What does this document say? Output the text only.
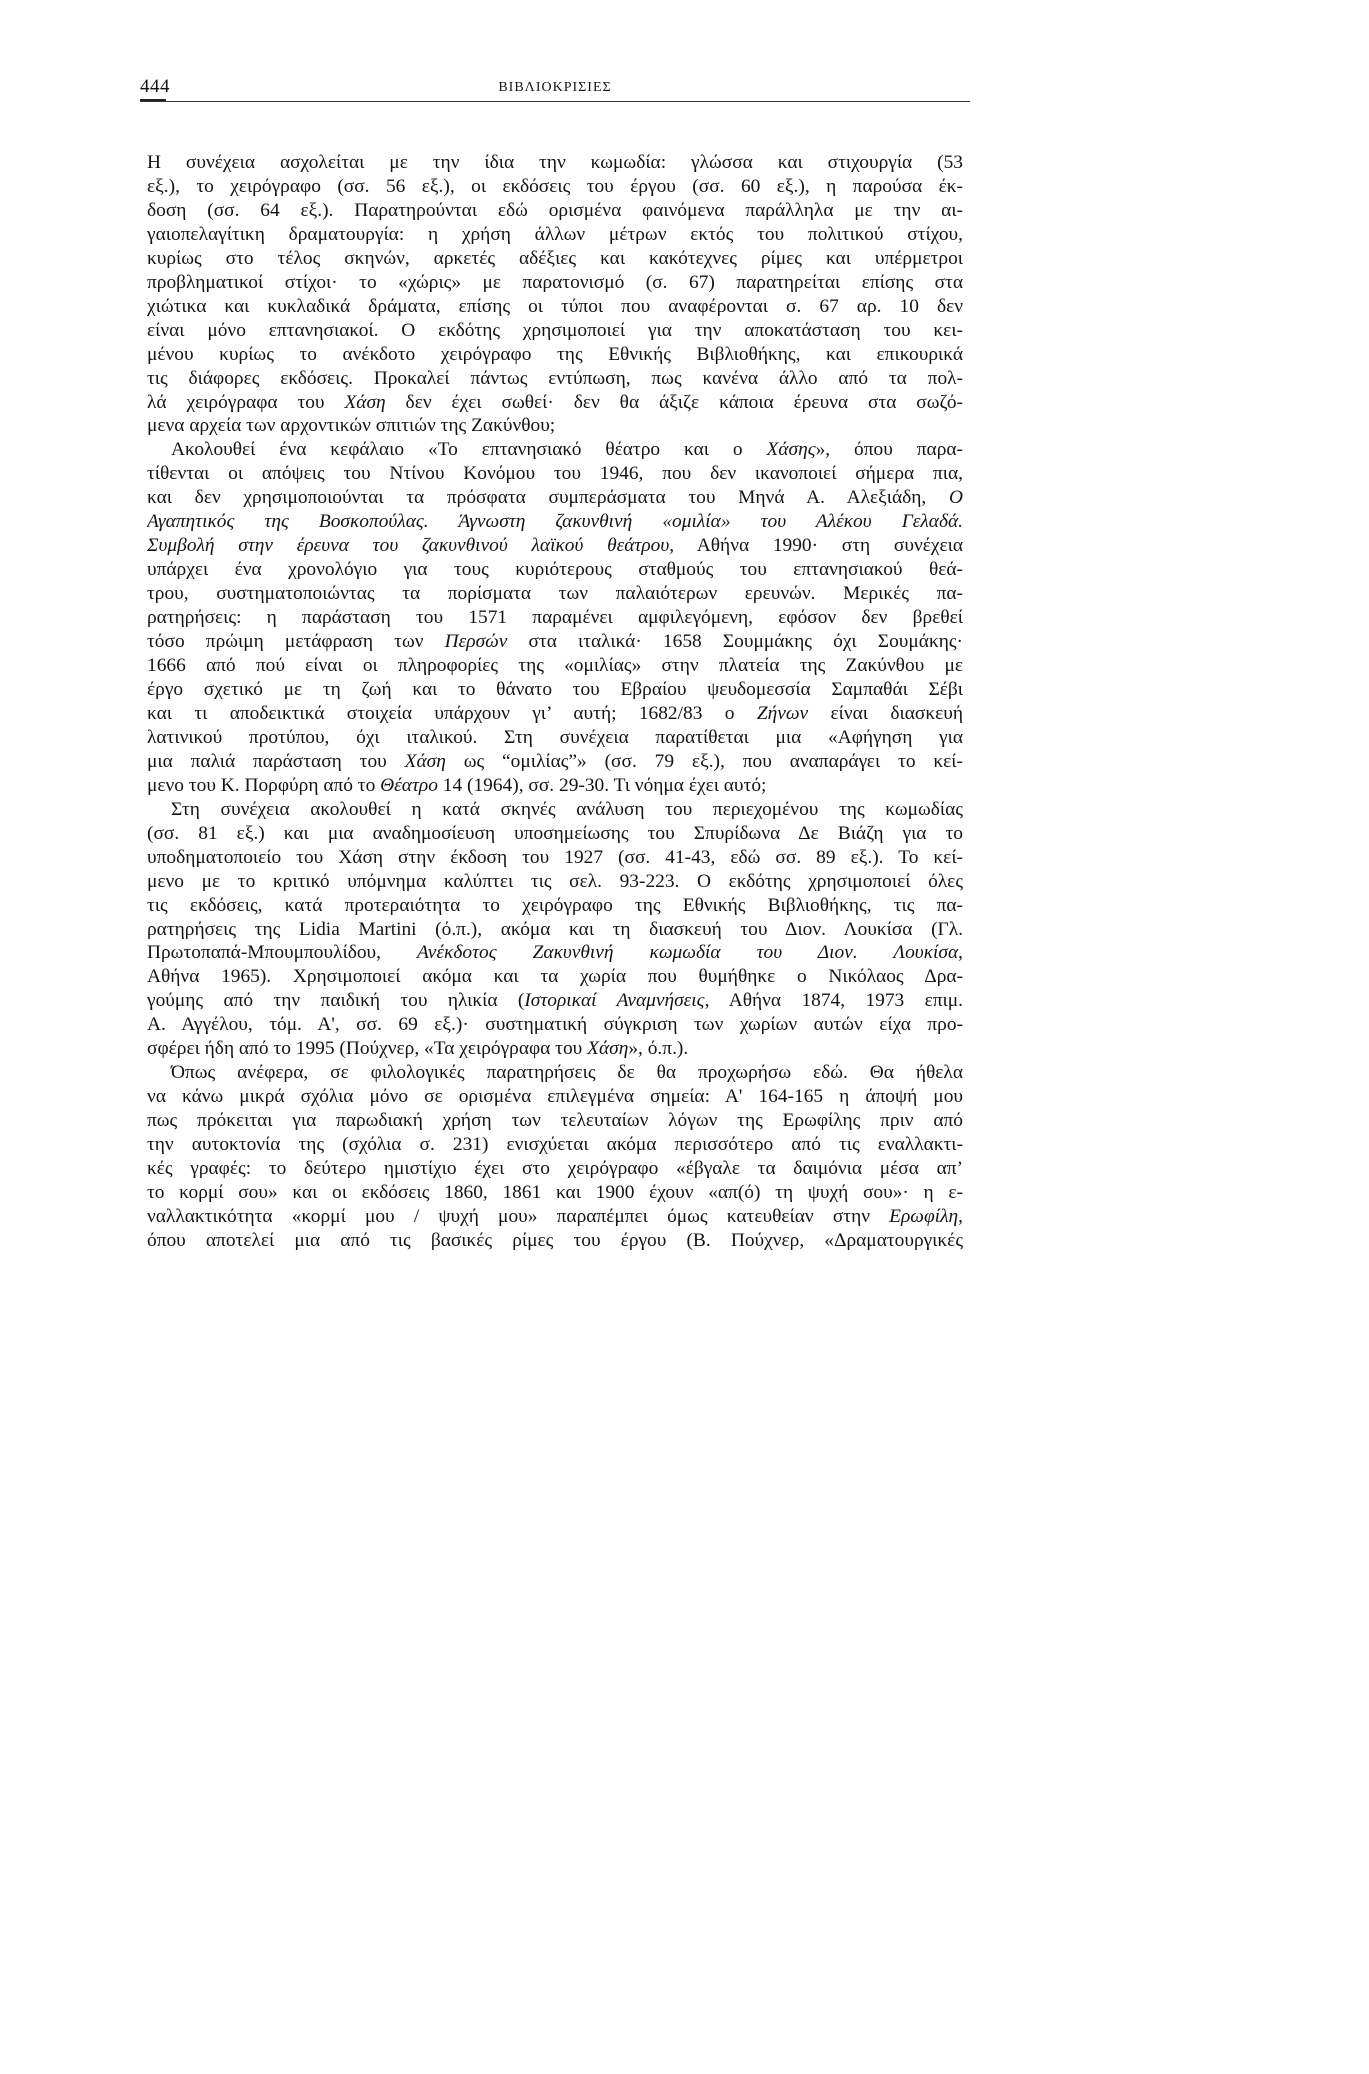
444	ΒΙΒΛΙΟΚΡΙΣΙΕΣ
Η συνέχεια ασχολείται με την ίδια την κωμωδία: γλώσσα και στιχουργία (53
εξ.), το χειρόγραφο (σσ. 56 εξ.), οι εκδόσεις του έργου (σσ. 60 εξ.), η παρούσα έκ-
δοση (σσ. 64 εξ.). Παρατηρούνται εδώ ορισμένα φαινόμενα παράλληλα με την αι-
γαιοπελαγίτικη δραματουργία: η χρήση άλλων μέτρων εκτός του πολιτικού στίχου,
κυρίως στο τέλος σκηνών, αρκετές αδέξιες και κακότεχνες ρίμες και υπέρμετροι
προβληματικοί στίχοι· το «χώρις» με παρατονισμό (σ. 67) παρατηρείται επίσης στα
χιώτικα και κυκλαδικά δράματα, επίσης οι τύποι που αναφέρονται σ. 67 αρ. 10 δεν
είναι μόνο επτανησιακοί. Ο εκδότης χρησιμοποιεί για την αποκατάσταση του κει-
μένου κυρίως το ανέκδοτο χειρόγραφο της Εθνικής Βιβλιοθήκης, και επικουρικά
τις διάφορες εκδόσεις. Προκαλεί πάντως εντύπωση, πως κανένα άλλο από τα πολ-
λά χειρόγραφα του Χάση δεν έχει σωθεί· δεν θα άξιζε κάποια έρευνα στα σωζό-
μενα αρχεία των αρχοντικών σπιτιών της Ζακύνθου;
Ακολουθεί ένα κεφάλαιο «Το επτανησιακό θέατρο και ο Χάσης», όπου παρα-
τίθενται οι απόψεις του Ντίνου Κονόμου του 1946, που δεν ικανοποιεί σήμερα πια,
και δεν χρησιμοποιούνται τα πρόσφατα συμπεράσματα του Μηνά Α. Αλεξιάδη, Ο
Αγαπητικός της Βοσκοπούλας. Άγνωστη ζακυνθινή «ομιλία» του Αλέκου Γελαδά.
Συμβολή στην έρευνα του ζακυνθινού λαϊκού θεάτρου, Αθήνα 1990· στη συνέχεια
υπάρχει ένα χρονολόγιο για τους κυριότερους σταθμούς του επτανησιακού θεά-
τρου, συστηματοποιώντας τα πορίσματα των παλαιότερων ερευνών. Μερικές πα-
ρατηρήσεις: η παράσταση του 1571 παραμένει αμφιλεγόμενη, εφόσον δεν βρεθεί
τόσο πρώιμη μετάφραση των Περσών στα ιταλικά· 1658 Σουμμάκης όχι Σουμάκης·
1666 από πού είναι οι πληροφορίες της «ομιλίας» στην πλατεία της Ζακύνθου με
έργο σχετικό με τη ζωή και το θάνατο του Εβραίου ψευδομεσσία Σαμπαθάι Σέβι
και τι αποδεικτικά στοιχεία υπάρχουν γι’ αυτή; 1682/83 ο Ζήνων είναι διασκευή
λατινικού προτύπου, όχι ιταλικού. Στη συνέχεια παρατίθεται μια «Αφήγηση για
μια παλιά παράσταση του Χάση ως “ομιλίας”» (σσ. 79 εξ.), που αναπαράγει το κεί-
μενο του Κ. Πορφύρη από το Θέατρο 14 (1964), σσ. 29-30. Τι νόημα έχει αυτό;
Στη συνέχεια ακολουθεί η κατά σκηνές ανάλυση του περιεχομένου της κωμωδίας
(σσ. 81 εξ.) και μια αναδημοσίευση υποσημείωσης του Σπυρίδωνα Δε Βιάζη για το
υποδηματοποιείο του Χάση στην έκδοση του 1927 (σσ. 41-43, εδώ σσ. 89 εξ.). Το κεί-
μενο με το κριτικό υπόμνημα καλύπτει τις σελ. 93-223. Ο εκδότης χρησιμοποιεί όλες
τις εκδόσεις, κατά προτεραιότητα το χειρόγραφο της Εθνικής Βιβλιοθήκης, τις πα-
ρατηρήσεις της Lidia Martini (ό.π.), ακόμα και τη διασκευή του Διον. Λουκίσα (Γλ.
Πρωτοπαπά-Μπουμπουλίδου, Ανέκδοτος Ζακυνθινή κωμωδία του Διον. Λουκίσα,
Αθήνα 1965). Χρησιμοποιεί ακόμα και τα χωρία που θυμήθηκε ο Νικόλαος Δρα-
γούμης από την παιδική του ηλικία (Ιστορικαί Αναμνήσεις, Αθήνα 1874, 1973 επιμ.
Α. Αγγέλου, τόμ. Α', σσ. 69 εξ.)· συστηματική σύγκριση των χωρίων αυτών είχα προ-
σφέρει ήδη από το 1995 (Πούχνερ, «Τα χειρόγραφα του Χάση», ό.π.).
Όπως ανέφερα, σε φιλολογικές παρατηρήσεις δε θα προχωρήσω εδώ. Θα ήθελα
να κάνω μικρά σχόλια μόνο σε ορισμένα επιλεγμένα σημεία: Α' 164-165 η άποψή μου
πως πρόκειται για παρωδιακή χρήση των τελευταίων λόγων της Ερωφίλης πριν από
την αυτοκτονία της (σχόλια σ. 231) ενισχύεται ακόμα περισσότερο από τις εναλλακτι-
κές γραφές: το δεύτερο ημιστίχιο έχει στο χειρόγραφο «έβγαλε τα δαιμόνια μέσα απ’
το κορμί σου» και οι εκδόσεις 1860, 1861 και 1900 έχουν «απ(ό) τη ψυχή σου»· η ε-
ναλλακτικότητα «κορμί μου / ψυχή μου» παραπέμπει όμως κατευθείαν στην Ερωφίλη,
όπου αποτελεί μια από τις βασικές ρίμες του έργου (Β. Πούχνερ, «Δραματουργικές
